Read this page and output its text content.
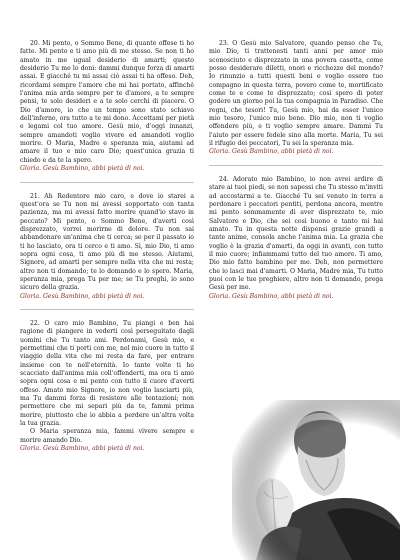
20. Mi pento, o Sommo Bene, di quante offese ti ho fatte. Mi pento e ti amo più di me stesso. Se non ti ho amato in me ugual desiderio di amarti; questo desiderio Tu me lo doni: dammi dunque forza di amarti assai. E giacché tu mi assai ciò assai ti ha offeso. Deh, ricordami sempre l'amore che mi hai portato, affinché l'anima mia arda sempre per te d'amore, a te sempre pensi, te solo desideri e a te solo cerchi di piacere. O Dio d'amore, io che un tempo sono stato schiavo dell'inferno, ora tutto a te mi dono. Accettami per pietà e legami col tuo amore. Gesù mio, d'oggi innanzi, sempre amandoti voglio vivere ed amandoti voglio morire. O Maria, Madre e speranza mia, aiutami ad amare il tuo e mio caro Dio; quest'unica grazia ti chiedo e da te la spero.

Gloria. Gesù Bambino, abbi pietà di noi.

21. Ah Redentore mio caro, e dove io starei a quest'ora se Tu non mi avessi sopportato con tanta pazienza, ma mi avessi fatto morire quand'io stavo in peccato? Mi pento, o Sommo Bene, d'averti così disprezzato, vorrei morirne di dolore. Tu non sai abbandonare un'anima che ti cerca; se per il passato io ti ho lasciato, ora ti cerco e ti amo. Sì, mio Dio, ti amo sopra ogni cosa, ti amo più di me stesso. Aiutami, Signore, ad amarti per sempre nella vita che mi resta; altro non ti domando; te lo domando e lo spero. Maria, speranza mia, prega Tu per me; se Tu preghi, io sono sicuro della grazia.

Gloria. Gesù Bambino, abbi pietà di noi.

22. O caro mio Bambino, Tu piangi e ben hai ragione di piangere in vederti così perseguitato dagli uomini che Tu tanto ami. Perdonami, Gesù mio, e permettimi che ti porti con me, nel mio cuore in tutto il viaggio della vita che mi resta da fare, per entrare insieme con te nell'eternità. Io tante volte ti ho scacciato dall'anima mia coll'offenderti, ma ora ti amo sopra ogni cosa e mi pento con tutto il cuore d'averti offeso. Amato mio Signore, io non voglio lasciarti più, ma Tu dammi forza di resistere alle tentazioni; non permettere che mi separi più da te, fammi prima morire, piuttosto che io abbia a perdere un'altra volta la tua grazia.

O Maria speranza mia, fammi vivere sempre e morire amando Dio.

Gloria. Gesù Bambino, abbi pietà di noi.

23. O Gesù mio Salvatore, quando penso che Tu, mio Dio, ti trattenesti tanti anni per amor mio sconosciuto e disprezzato in una povera casetta, come posso desiderare diletti, onori e ricchezze del mondo? Io rinunzio a tutti questi beni e voglio essere tuo compagno in questa terra, povero come te, mortificato come te e come te disprezzato; così spero di poter godere un giorno poi la tua compagnia in Paradiso. Che regni, che tesori! Tu, Gesù mio, hai da esser l'unico mio tesoro, l'unico mio bene. Dio mio, non ti voglio offendere più, e ti voglio sempre amare. Dammi Tu l'aiuto per essere fedele sino alla morte. Maria, Tu sei il rifugio dei peccatori, Tu sei la speranza mia.

Gloria. Gesù Bambino, abbi pietà di noi.

24. Adorato mio Bambino, io non avrei ardire di stare ai tuoi piedi, se non sapessi che Tu stesso m'inviti ad accostarmi a te. Giacché Tu sei venuto in terra a perdonare i peccatori pentiti, perdona ancora, mentre mi pento sommamente di aver disprezzato te, mio Salvatore e Dio, che sei così buono e tanto mi hai amato. Tu in questa notte dispensi grazie grandi a tante anime, consola anche l'anima mia. La grazia che voglio è la grazia d'amarti, da oggi in avanti, con tutto il mio cuore; infiammami tutto del tuo amore. Ti amo, Dio mio fatto bambino per me. Deh, non permettere che io lasci mai d'amarti. O Maria, Madre mia, Tu tutto puoi con le tue preghiere, altro non ti domando, prega Gesù per me.

Gloria. Gesù Bambino, abbi pietà di noi.
